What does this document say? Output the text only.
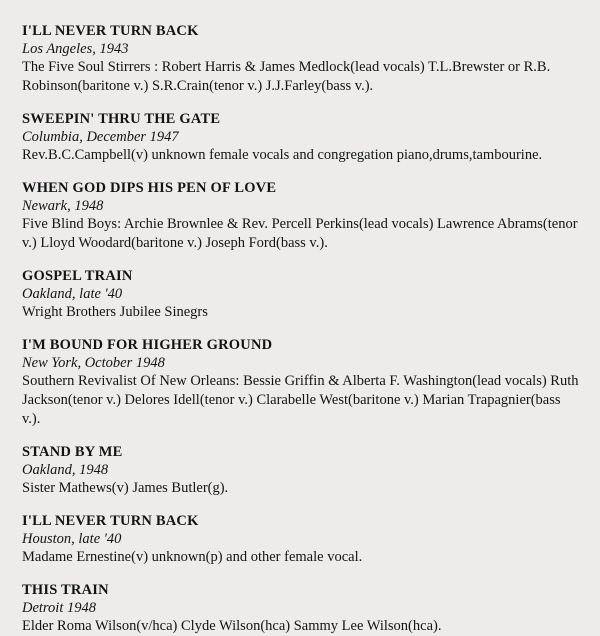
I'LL NEVER TURN BACK

Los Angeles, 1943

The Five Soul Stirrers : Robert Harris & James Medlock(lead vocals) T.L.Brewster or R.B. Robinson(baritone v.) S.R.Crain(tenor v.) J.J.Farley(bass v.).

SWEEPIN' THRU THE GATE

Columbia, December 1947

Rev.B.C.Campbell(v) unknown female vocals and congregation piano,drums,tambourine.

WHEN GOD DIPS HIS PEN OF LOVE

Newark, 1948

Five Blind Boys: Archie Brownlee & Rev. Percell Perkins(lead vocals) Lawrence Abrams(tenor v.) Lloyd Woodard(baritone v.) Joseph Ford(bass v.).

GOSPEL TRAIN

Oakland, late '40

Wright Brothers Jubilee Sinegrs

I'M BOUND FOR HIGHER GROUND

New York, October 1948

Southern Revivalist Of New Orleans: Bessie Griffin & Alberta F. Washington(lead vocals) Ruth Jackson(tenor v.) Delores Idell(tenor v.) Clarabelle West(baritone v.) Marian Trapagnier(bass v.).

STAND BY ME

Oakland, 1948

Sister Mathews(v) James Butler(g).

I'LL NEVER TURN BACK

Houston, late '40

Madame Ernestine(v) unknown(p) and other female vocal.

THIS TRAIN

Detroit 1948

Elder Roma Wilson(v/hca) Clyde Wilson(hca) Sammy Lee Wilson(hca).
